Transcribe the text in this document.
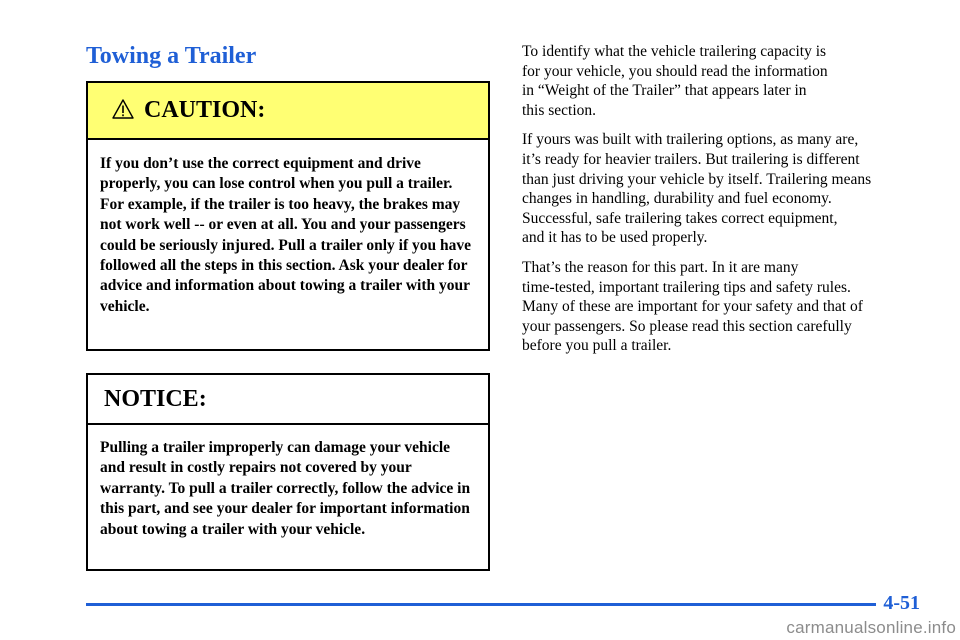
Towing a Trailer
CAUTION:
If you don’t use the correct equipment and drive properly, you can lose control when you pull a trailer. For example, if the trailer is too heavy, the brakes may not work well ‑‑ or even at all. You and your passengers could be seriously injured. Pull a trailer only if you have followed all the steps in this section. Ask your dealer for advice and information about towing a trailer with your vehicle.
NOTICE:
Pulling a trailer improperly can damage your vehicle and result in costly repairs not covered by your warranty. To pull a trailer correctly, follow the advice in this part, and see your dealer for important information about towing a trailer with your vehicle.

To identify what the vehicle trailering capacity is
for your vehicle, you should read the information
in “Weight of the Trailer” that appears later in
this section.

If yours was built with trailering options, as many are,
it’s ready for heavier trailers. But trailering is different
than just driving your vehicle by itself. Trailering means
changes in handling, durability and fuel economy.
Successful, safe trailering takes correct equipment,
and it has to be used properly.

That’s the reason for this part. In it are many
time‑tested, important trailering tips and safety rules.
Many of these are important for your safety and that of
your passengers. So please read this section carefully
before you pull a trailer.

4-51
carmanualsonline.info
